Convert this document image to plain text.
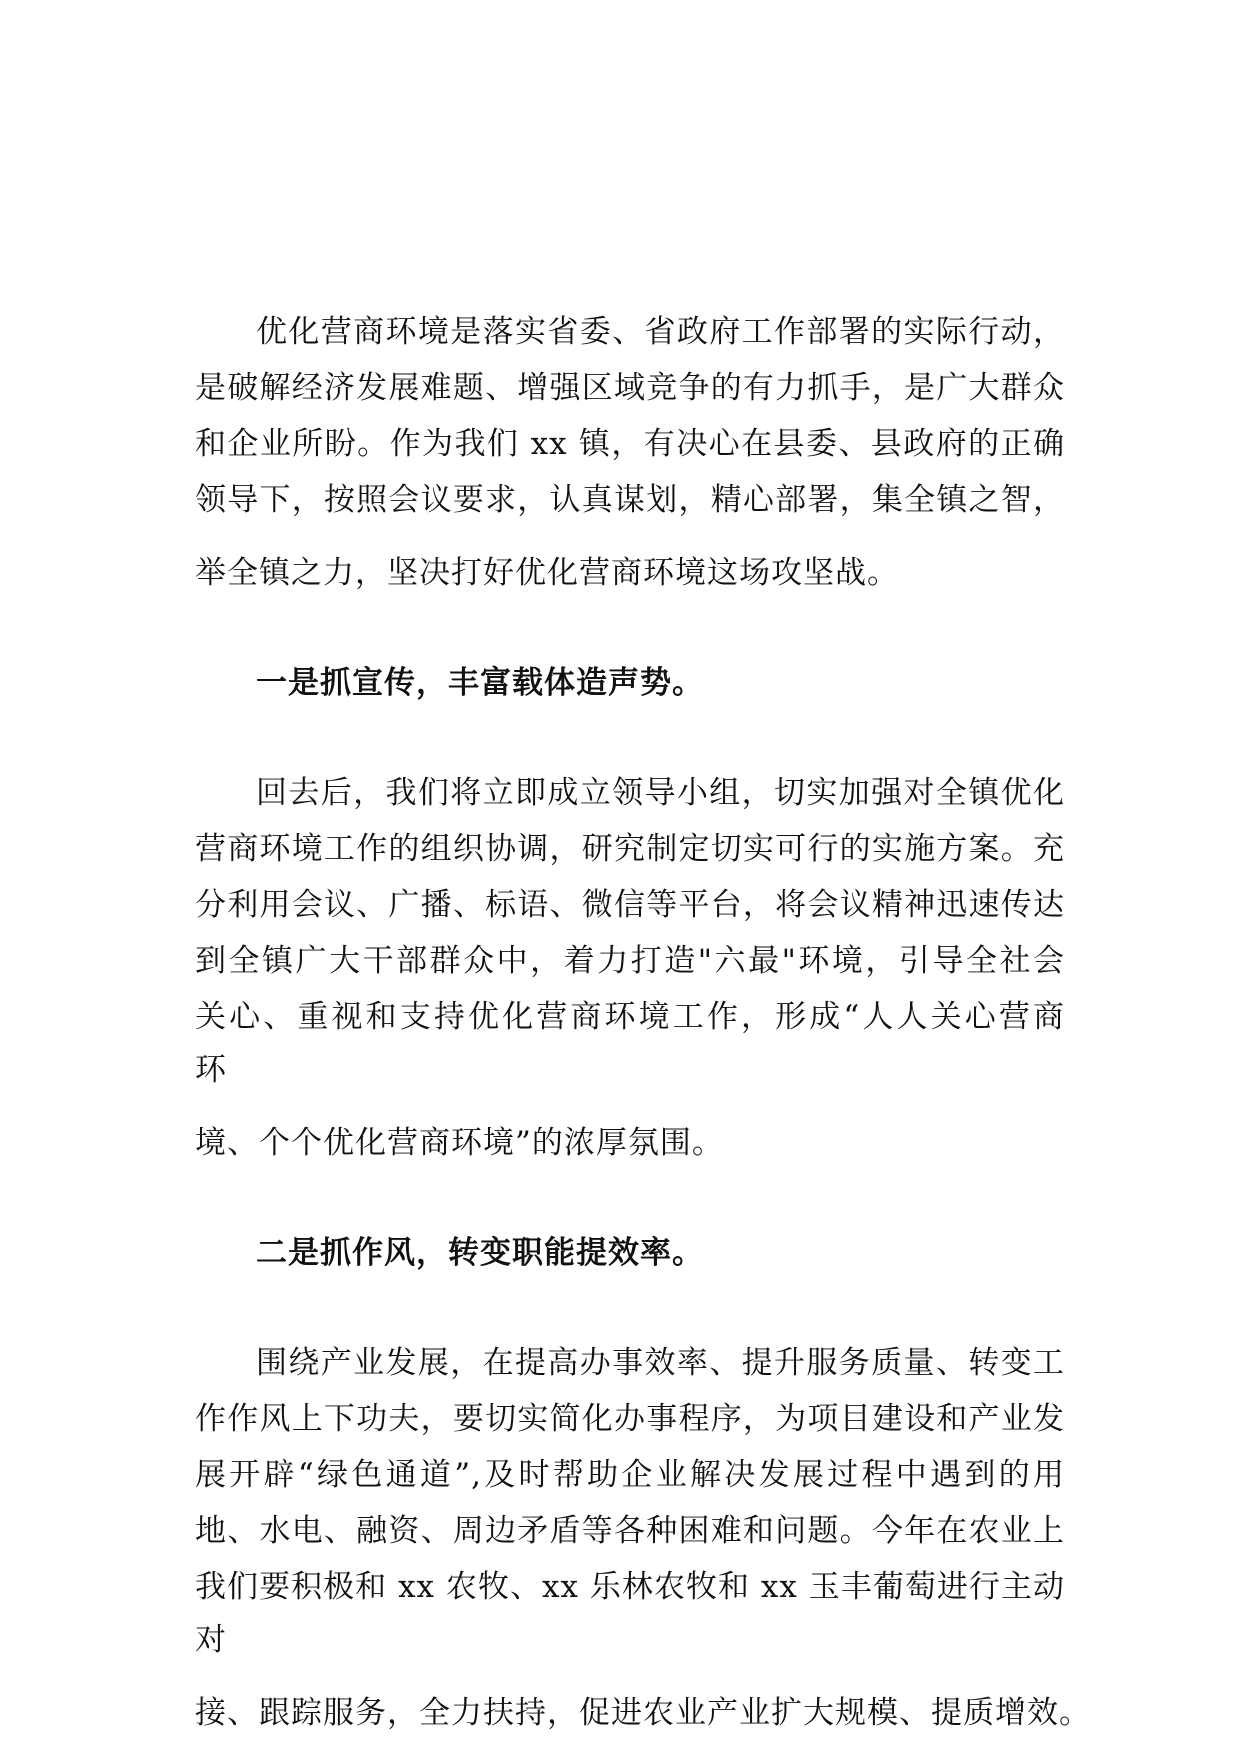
优化营商环境是落实省委、省政府工作部署的实际行动，

是破解经济发展难题、增强区域竞争的有力抓手，是广大群众

和企业所盼。作为我们 xx 镇，有决心在县委、县政府的正确

领导下，按照会议要求，认真谋划，精心部署，集全镇之智，

举全镇之力，坚决打好优化营商环境这场攻坚战。

一是抓宣传，丰富载体造声势。

回去后，我们将立即成立领导小组，切实加强对全镇优化

营商环境工作的组织协调，研究制定切实可行的实施方案。充

分利用会议、广播、标语、微信等平台，将会议精神迅速传达

到全镇广大干部群众中，着力打造"六最"环境，引导全社会

关心、重视和支持优化营商环境工作，形成“人人关心营商

环

境、个个优化营商环境”的浓厚氛围。

二是抓作风，转变职能提效率。

围绕产业发展，在提高办事效率、提升服务质量、转变工

作作风上下功夫，要切实简化办事程序，为项目建设和产业发

展开辟“绿色通道”,及时帮助企业解决发展过程中遇到的用

地、水电、融资、周边矛盾等各种困难和问题。今年在农业上

我们要积极和 xx 农牧、xx 乐林农牧和 xx 玉丰葡萄进行主动

对

接、跟踪服务，全力扶持，促进农业产业扩大规模、提质增效。
